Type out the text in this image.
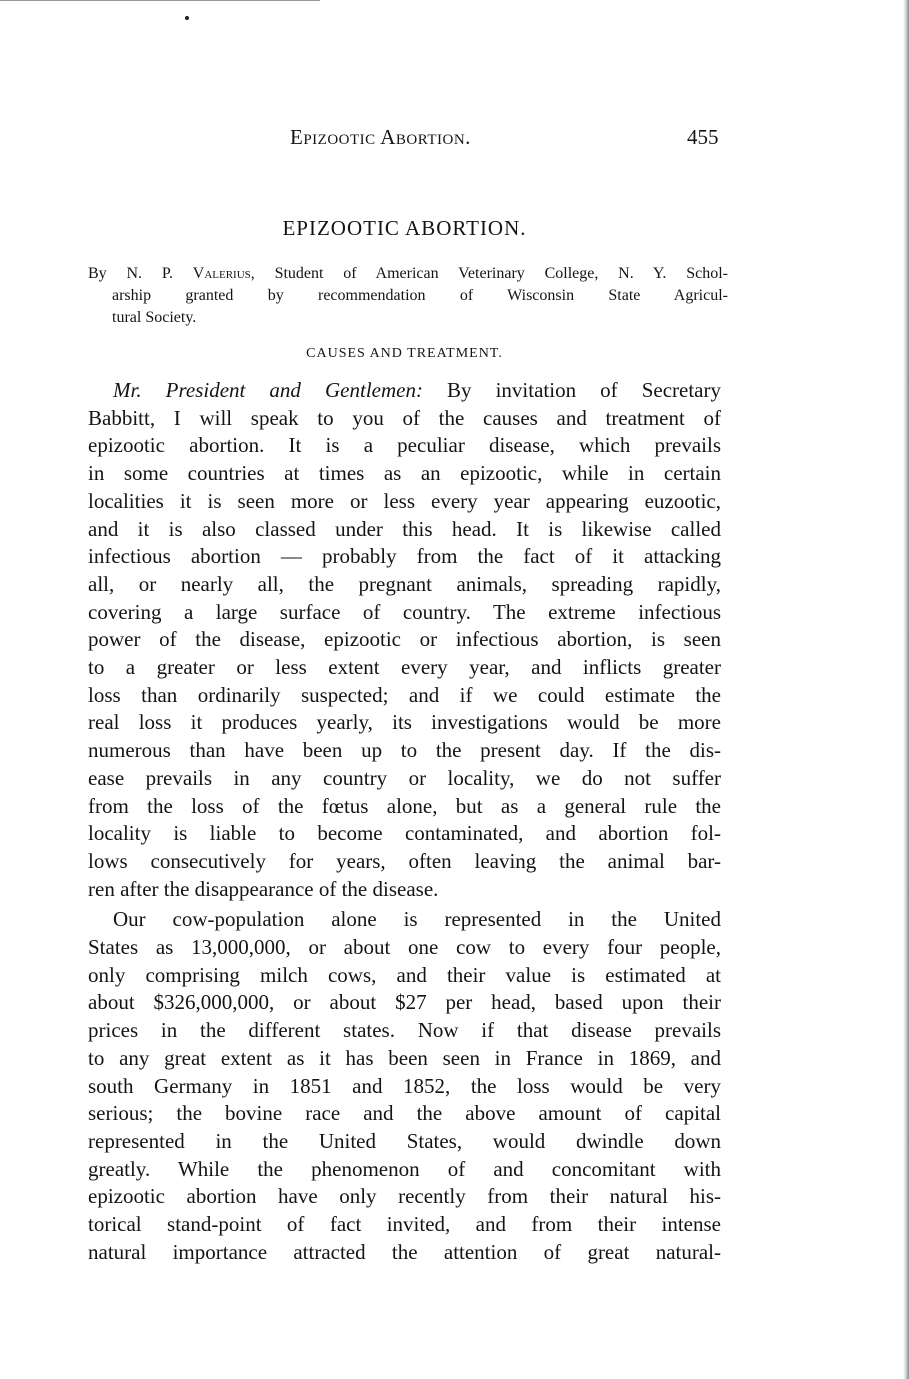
Epizootic Abortion.	455
EPIZOOTIC ABORTION.
By N. P. Valerius, Student of American Veterinary College, N. Y. Schol-
arship granted by recommendation of Wisconsin State Agricul-
tural Society.
CAUSES AND TREATMENT.
Mr. President and Gentlemen: By invitation of Secretary
Babbitt, I will speak to you of the causes and treatment of
epizootic abortion. It is a peculiar disease, which prevails
in some countries at times as an epizootic, while in certain
localities it is seen more or less every year appearing euzootic,
and it is also classed under this head. It is likewise called
infectious abortion — probably from the fact of it attacking
all, or nearly all, the pregnant animals, spreading rapidly,
covering a large surface of country. The extreme infectious
power of the disease, epizootic or infectious abortion, is seen
to a greater or less extent every year, and inflicts greater
loss than ordinarily suspected; and if we could estimate the
real loss it produces yearly, its investigations would be more
numerous than have been up to the present day. If the dis-
ease prevails in any country or locality, we do not suffer
from the loss of the fœtus alone, but as a general rule the
locality is liable to become contaminated, and abortion fol-
lows consecutively for years, often leaving the animal bar-
ren after the disappearance of the disease.
Our cow-population alone is represented in the United
States as 13,000,000, or about one cow to every four people,
only comprising milch cows, and their value is estimated at
about $326,000,000, or about $27 per head, based upon their
prices in the different states. Now if that disease prevails
to any great extent as it has been seen in France in 1869, and
south Germany in 1851 and 1852, the loss would be very
serious; the bovine race and the above amount of capital
represented in the United States, would dwindle down
greatly. While the phenomenon of and concomitant with
epizootic abortion have only recently from their natural his-
torical stand-point of fact invited, and from their intense
natural importance attracted the attention of great natural-
